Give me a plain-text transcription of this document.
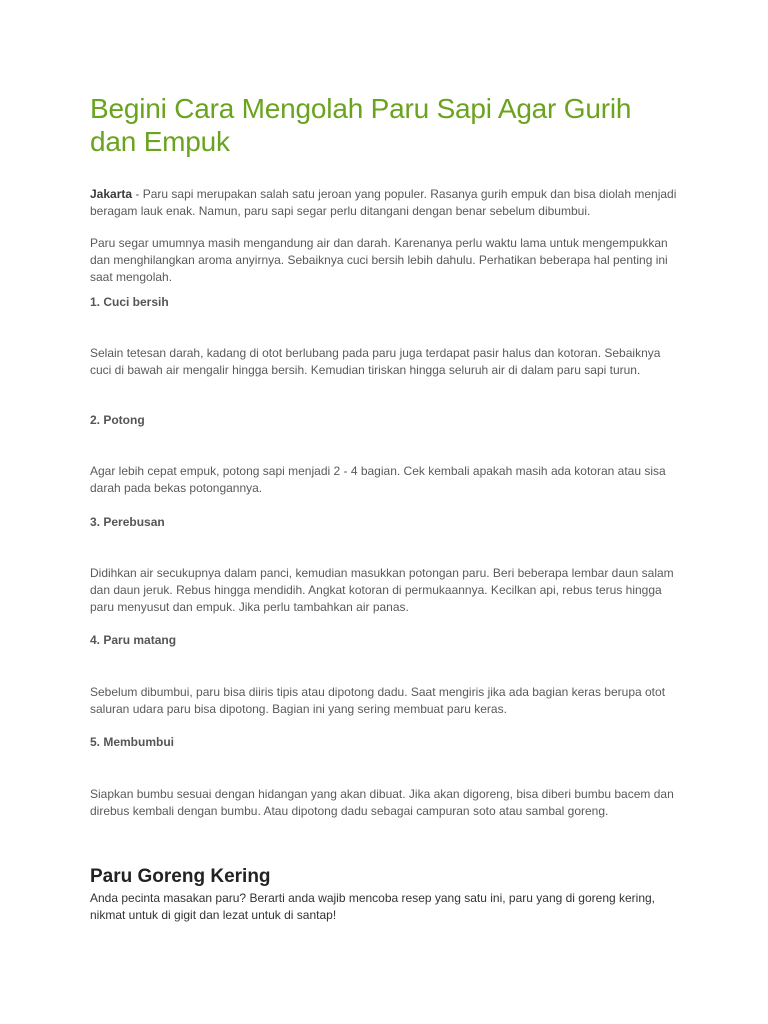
Begini Cara Mengolah Paru Sapi Agar Gurih dan Empuk

Jakarta - Paru sapi merupakan salah satu jeroan yang populer. Rasanya gurih empuk dan bisa diolah menjadi beragam lauk enak. Namun, paru sapi segar perlu ditangani dengan benar sebelum dibumbui.

Paru segar umumnya masih mengandung air dan darah. Karenanya perlu waktu lama untuk mengempukkan dan menghilangkan aroma anyirnya. Sebaiknya cuci bersih lebih dahulu. Perhatikan beberapa hal penting ini saat mengolah.

1. Cuci bersih

Selain tetesan darah, kadang di otot berlubang pada paru juga terdapat pasir halus dan kotoran. Sebaiknya cuci di bawah air mengalir hingga bersih. Kemudian tiriskan hingga seluruh air di dalam paru sapi turun.

2. Potong

Agar lebih cepat empuk, potong sapi menjadi 2 - 4 bagian. Cek kembali apakah masih ada kotoran atau sisa darah pada bekas potongannya.

3. Perebusan

Didihkan air secukupnya dalam panci, kemudian masukkan potongan paru. Beri beberapa lembar daun salam dan daun jeruk. Rebus hingga mendidih. Angkat kotoran di permukaannya. Kecilkan api, rebus terus hingga paru menyusut dan empuk. Jika perlu tambahkan air panas.

4. Paru matang

Sebelum dibumbui, paru bisa diiris tipis atau dipotong dadu. Saat mengiris jika ada bagian keras berupa otot saluran udara paru bisa dipotong. Bagian ini yang sering membuat paru keras.

5. Membumbui

Siapkan bumbu sesuai dengan hidangan yang akan dibuat. Jika akan digoreng, bisa diberi bumbu bacem dan direbus kembali dengan bumbu. Atau dipotong dadu sebagai campuran soto atau sambal goreng.

Paru Goreng Kering

Anda pecinta masakan paru? Berarti anda wajib mencoba resep yang satu ini, paru yang di goreng kering, nikmat untuk di gigit dan lezat untuk di santap!
